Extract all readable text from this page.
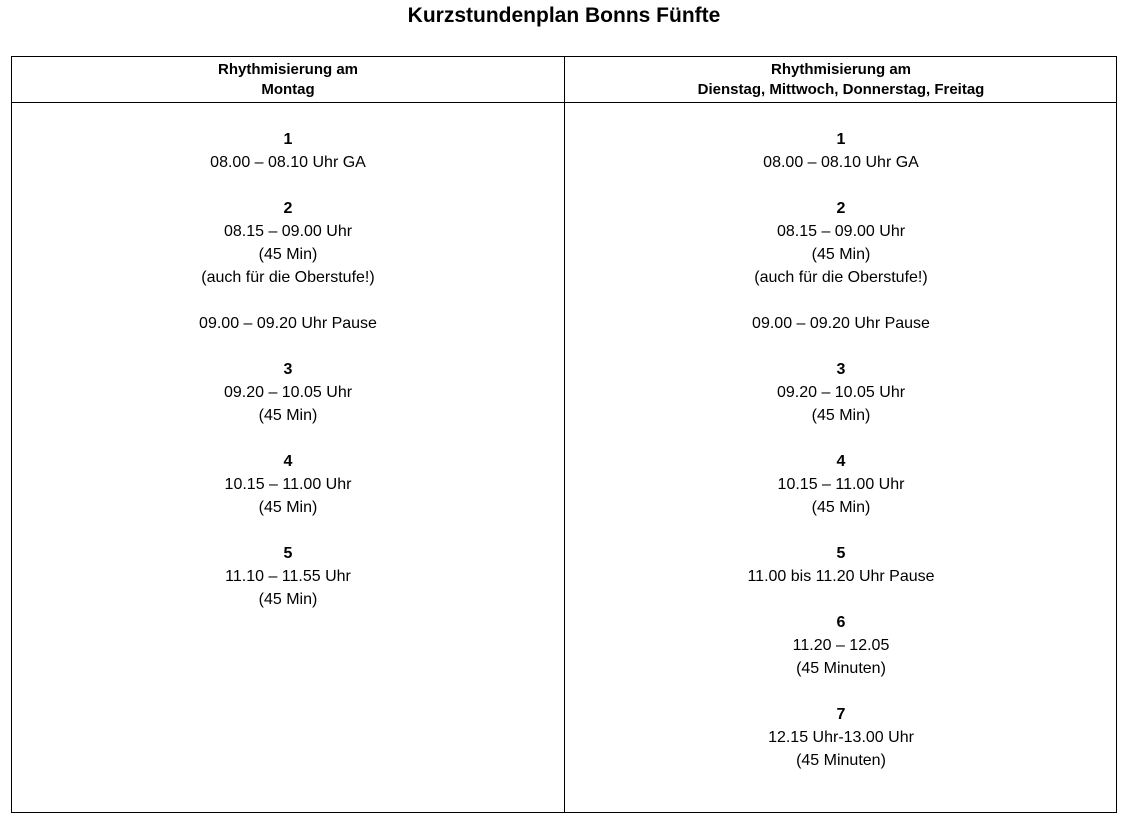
Kurzstundenplan Bonns Fünfte
Rhythmisierung am
Montag
Rhythmisierung am
Dienstag, Mittwoch, Donnerstag, Freitag
1
08.00 – 08.10 Uhr GA
2
08.15 – 09.00 Uhr
(45 Min)
(auch für die Oberstufe!)
09.00 – 09.20 Uhr Pause
3
09.20 – 10.05 Uhr
(45 Min)
4
10.15 – 11.00 Uhr
(45 Min)
5
11.10 – 11.55 Uhr
(45 Min)
1
08.00 – 08.10 Uhr GA
2
08.15 – 09.00 Uhr
(45 Min)
(auch für die Oberstufe!)
09.00 – 09.20 Uhr Pause
3
09.20 – 10.05 Uhr
(45 Min)
4
10.15 – 11.00 Uhr
(45 Min)
5
11.00 bis 11.20 Uhr Pause
6
11.20 – 12.05
(45 Minuten)
7
12.15 Uhr-13.00 Uhr
(45 Minuten)
